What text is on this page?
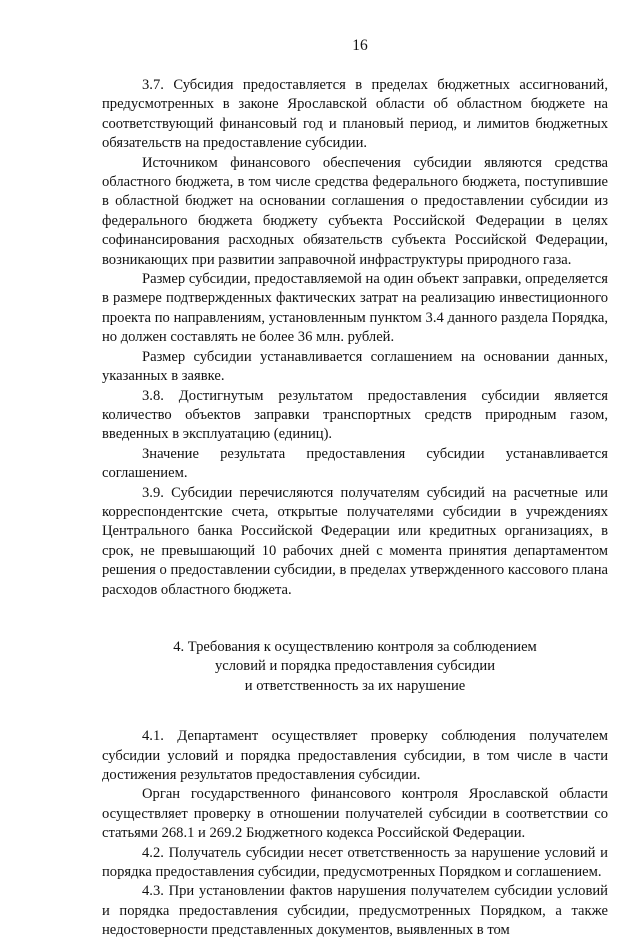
16

3.7. Субсидия предоставляется в пределах бюджетных ассигнований, предусмотренных в законе Ярославской области об областном бюджете на соответствующий финансовый год и плановый период, и лимитов бюджетных обязательств на предоставление субсидии.

Источником финансового обеспечения субсидии являются средства областного бюджета, в том числе средства федерального бюджета, поступившие в областной бюджет на основании соглашения о предоставлении субсидии из федерального бюджета бюджету субъекта Российской Федерации в целях софинансирования расходных обязательств субъекта Российской Федерации, возникающих при развитии заправочной инфраструктуры природного газа.

Размер субсидии, предоставляемой на один объект заправки, определяется в размере подтвержденных фактических затрат на реализацию инвестиционного проекта по направлениям, установленным пунктом 3.4 данного раздела Порядка, но должен составлять не более 36 млн. рублей.

Размер субсидии устанавливается соглашением на основании данных, указанных в заявке.

3.8. Достигнутым результатом предоставления субсидии является количество объектов заправки транспортных средств природным газом, введенных в эксплуатацию (единиц).

Значение результата предоставления субсидии устанавливается соглашением.

3.9. Субсидии перечисляются получателям субсидий на расчетные или корреспондентские счета, открытые получателями субсидии в учреждениях Центрального банка Российской Федерации или кредитных организациях, в срок, не превышающий 10 рабочих дней с момента принятия департаментом решения о предоставлении субсидии, в пределах утвержденного кассового плана расходов областного бюджета.

4. Требования к осуществлению контроля за соблюдением
условий и порядка предоставления субсидии
и ответственность за их нарушение

4.1. Департамент осуществляет проверку соблюдения получателем субсидии условий и порядка предоставления субсидии, в том числе в части достижения результатов предоставления субсидии.

Орган государственного финансового контроля Ярославской области осуществляет проверку в отношении получателей субсидии в соответствии со статьями 268.1 и 269.2 Бюджетного кодекса Российской Федерации.

4.2. Получатель субсидии несет ответственность за нарушение условий и порядка предоставления субсидии, предусмотренных Порядком и соглашением.

4.3. При установлении фактов нарушения получателем субсидии условий и порядка предоставления субсидии, предусмотренных Порядком, а также недостоверности представленных документов, выявленных в том
